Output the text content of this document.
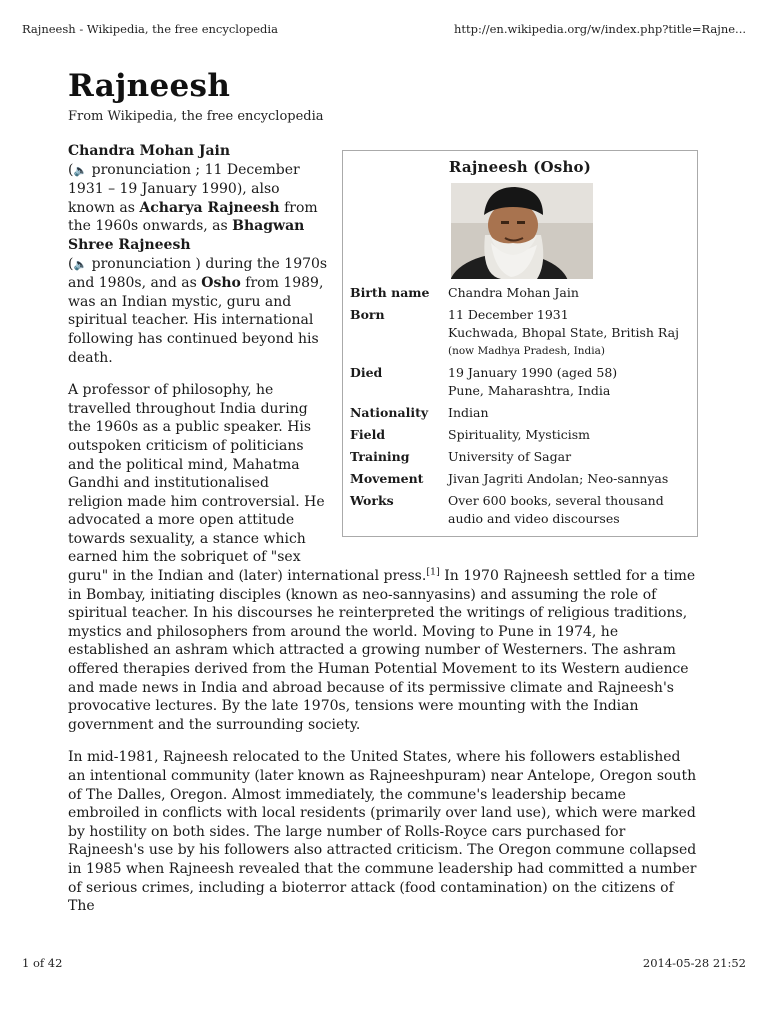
Rajneesh - Wikipedia, the free encyclopedia	http://en.wikipedia.org/w/index.php?title=Rajne...
Rajneesh
From Wikipedia, the free encyclopedia
Rajneesh (Osho)
Birth name	Chandra Mohan Jain
Born	11 December 1931
Kuchwada, Bhopal State, British Raj
(now Madhya Pradesh, India)
Died	19 January 1990 (aged 58)
Pune, Maharashtra, India
Nationality	Indian
Field	Spirituality, Mysticism
Training	University of Sagar
Movement	Jivan Jagriti Andolan; Neo-sannyas
Works	Over 600 books, several thousand
audio and video discourses

Chandra Mohan Jain
(🔈 pronunciation ; 11 December 1931 – 19 January 1990), also known as Acharya Rajneesh from the 1960s onwards, as Bhagwan Shree Rajneesh
(🔈 pronunciation ) during the 1970s and 1980s, and as Osho from 1989, was an Indian mystic, guru and spiritual teacher. His international following has continued beyond his death.

A professor of philosophy, he travelled throughout India during the 1960s as a public speaker. His outspoken criticism of politicians and the political mind, Mahatma Gandhi and institutionalised religion made him controversial. He advocated a more open attitude towards sexuality, a stance which earned him the sobriquet of "sex guru" in the Indian and (later) international press.[1] In 1970 Rajneesh settled for a time in Bombay, initiating disciples (known as neo-sannyasins) and assuming the role of spiritual teacher. In his discourses he reinterpreted the writings of religious traditions, mystics and philosophers from around the world. Moving to Pune in 1974, he established an ashram which attracted a growing number of Westerners. The ashram offered therapies derived from the Human Potential Movement to its Western audience and made news in India and abroad because of its permissive climate and Rajneesh's provocative lectures. By the late 1970s, tensions were mounting with the Indian government and the surrounding society.

In mid-1981, Rajneesh relocated to the United States, where his followers established an intentional community (later known as Rajneeshpuram) near Antelope, Oregon south of The Dalles, Oregon. Almost immediately, the commune's leadership became embroiled in conflicts with local residents (primarily over land use), which were marked by hostility on both sides. The large number of Rolls-Royce cars purchased for Rajneesh's use by his followers also attracted criticism. The Oregon commune collapsed in 1985 when Rajneesh revealed that the commune leadership had committed a number of serious crimes, including a bioterror attack (food contamination) on the citizens of The

1 of 42	2014-05-28 21:52
